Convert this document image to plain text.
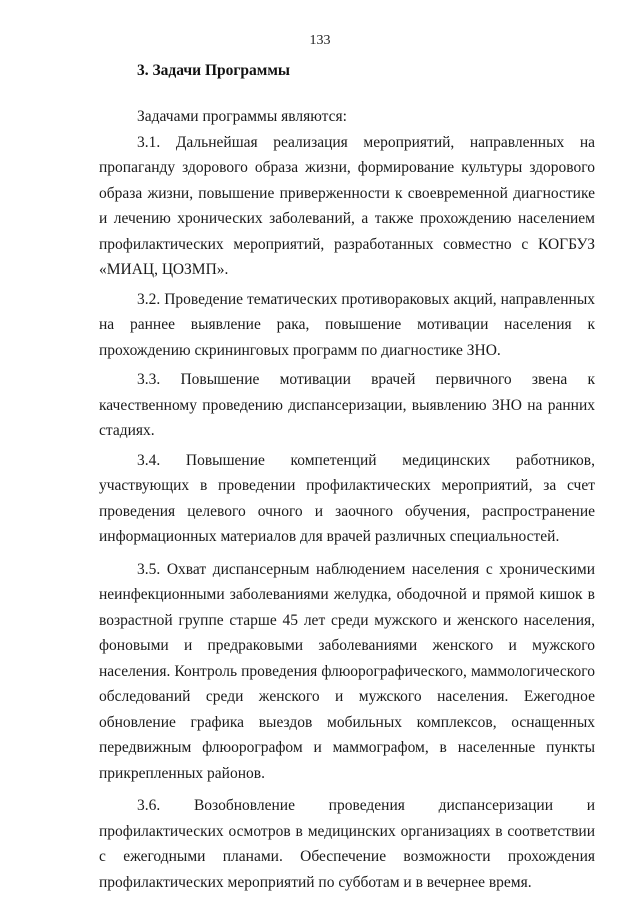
133
3. Задачи Программы

Задачами программы являются:

3.1. Дальнейшая реализация мероприятий, направленных на пропаганду здорового образа жизни, формирование культуры здорового образа жизни, повышение приверженности к своевременной диагностике и лечению хронических заболеваний, а также прохождению населением профилактических мероприятий, разработанных совместно с КОГБУЗ «МИАЦ, ЦОЗМП».

3.2. Проведение тематических противораковых акций, направленных на раннее выявление рака, повышение мотивации населения к прохождению скрининговых программ по диагностике ЗНО.

3.3. Повышение мотивации врачей первичного звена к качественному проведению диспансеризации, выявлению ЗНО на ранних стадиях.

3.4. Повышение компетенций медицинских работников, участвующих в проведении профилактических мероприятий, за счет проведения целевого очного и заочного обучения, распространение информационных материалов для врачей различных специальностей.

3.5. Охват диспансерным наблюдением населения с хроническими неинфекционными заболеваниями желудка, ободочной и прямой кишок в возрастной группе старше 45 лет среди мужского и женского населения, фоновыми и предраковыми заболеваниями женского и мужского населения. Контроль проведения флюорографического, маммологического обследований среди женского и мужского населения. Ежегодное обновление графика выездов мобильных комплексов, оснащенных передвижным флюорографом и маммографом, в населенные пункты прикрепленных районов.

3.6. Возобновление проведения диспансеризации и профилактических осмотров в медицинских организациях в соответствии с ежегодными планами. Обеспечение возможности прохождения профилактических мероприятий по субботам и в вечернее время.
